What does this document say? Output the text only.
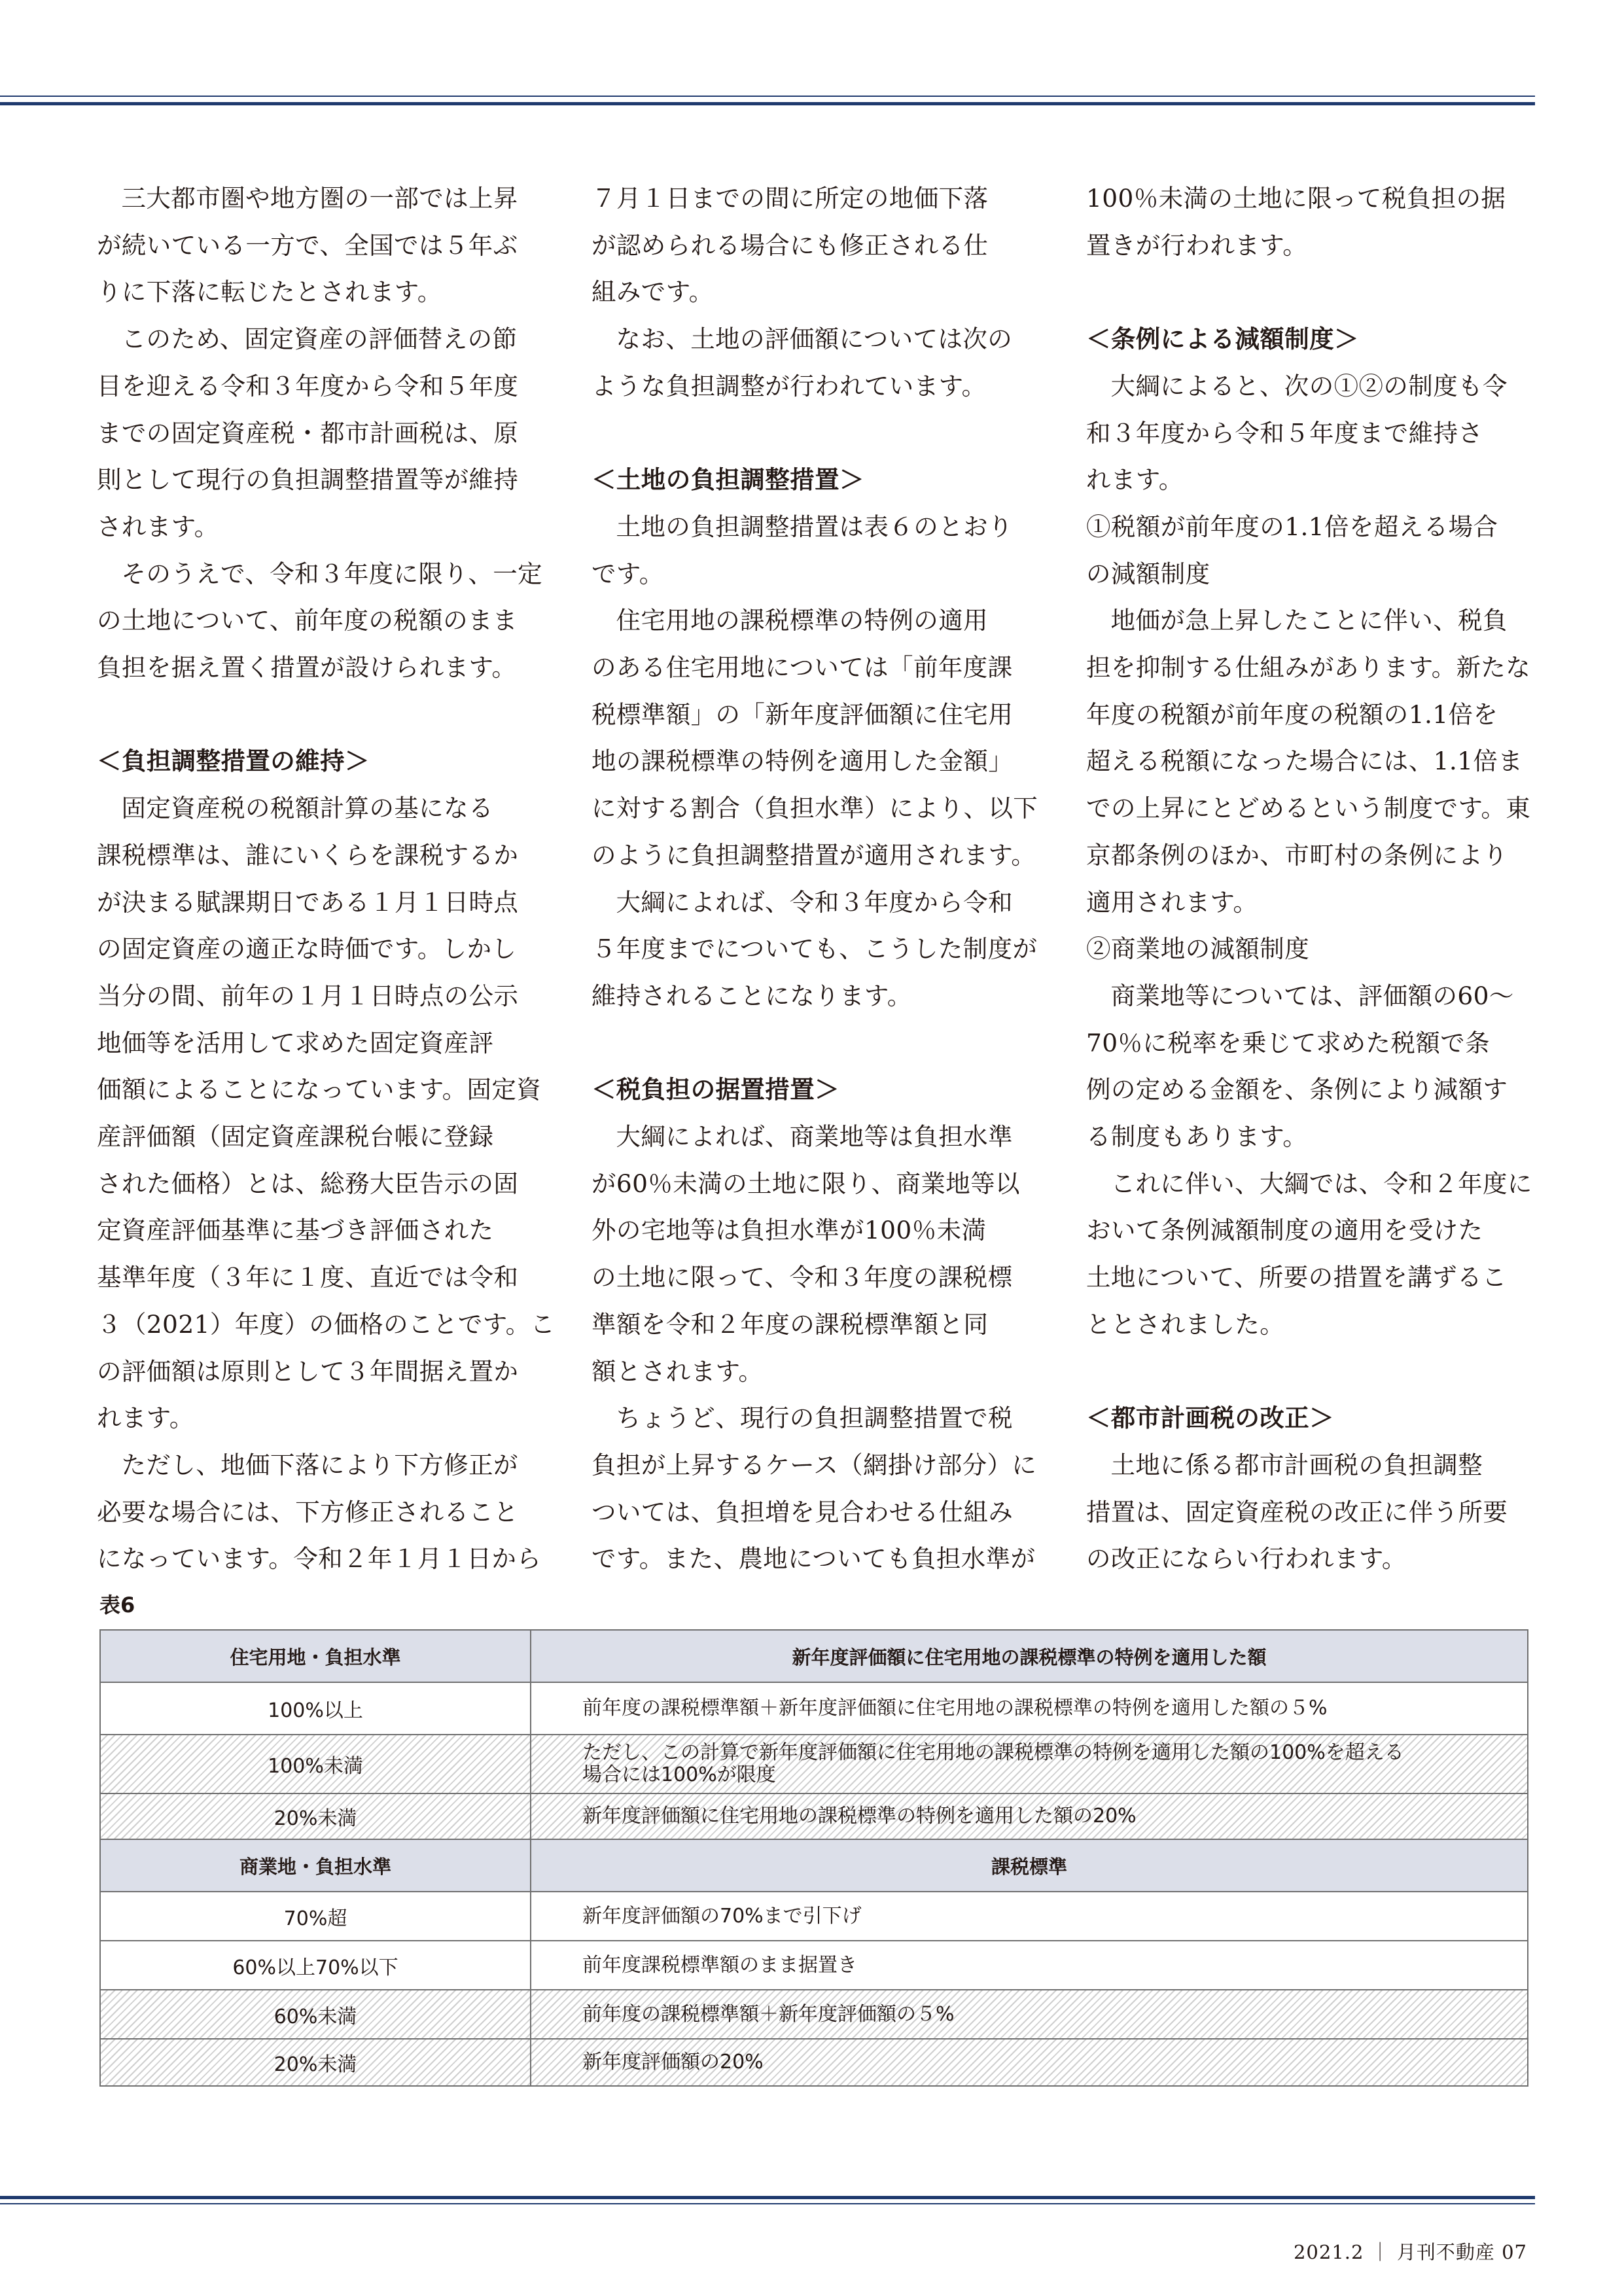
三大都市圏や地方圏の一部では上昇

が続いている一方で、全国では５年ぶ

りに下落に転じたとされます。

このため、固定資産の評価替えの節

目を迎える令和３年度から令和５年度

までの固定資産税・都市計画税は、原

則として現行の負担調整措置等が維持

されます。

そのうえで、令和３年度に限り、一定

の土地について、前年度の税額のまま

負担を据え置く措置が設けられます。

＜負担調整措置の維持＞

固定資産税の税額計算の基になる

課税標準は、誰にいくらを課税するか

が決まる賦課期日である１月１日時点

の固定資産の適正な時価です。しかし

当分の間、前年の１月１日時点の公示

地価等を活用して求めた固定資産評

価額によることになっています。固定資

産評価額（固定資産課税台帳に登録

された価格）とは、総務大臣告示の固

定資産評価基準に基づき評価された

基準年度（３年に１度、直近では令和

３（2021）年度）の価格のことです。こ

の評価額は原則として３年間据え置か

れます。

ただし、地価下落により下方修正が

必要な場合には、下方修正されること

になっています。令和２年１月１日から

７月１日までの間に所定の地価下落

が認められる場合にも修正される仕

組みです。

なお、土地の評価額については次の

ような負担調整が行われています。

＜土地の負担調整措置＞

土地の負担調整措置は表６のとおり

です。

住宅用地の課税標準の特例の適用

のある住宅用地については「前年度課

税標準額」の「新年度評価額に住宅用

地の課税標準の特例を適用した金額」

に対する割合（負担水準）により、以下

のように負担調整措置が適用されます。

大綱によれば、令和３年度から令和

５年度までについても、こうした制度が

維持されることになります。

＜税負担の据置措置＞

大綱によれば、商業地等は負担水準

が60％未満の土地に限り、商業地等以

外の宅地等は負担水準が100％未満

の土地に限って、令和３年度の課税標

準額を令和２年度の課税標準額と同

額とされます。

ちょうど、現行の負担調整措置で税

負担が上昇するケース（網掛け部分）に

ついては、負担増を見合わせる仕組み

です。また、農地についても負担水準が

100％未満の土地に限って税負担の据

置きが行われます。

＜条例による減額制度＞

大綱によると、次の①②の制度も令

和３年度から令和５年度まで維持さ

れます。

①税額が前年度の1.1倍を超える場合

の減額制度

地価が急上昇したことに伴い、税負

担を抑制する仕組みがあります。新たな

年度の税額が前年度の税額の1.1倍を

超える税額になった場合には、1.1倍ま

での上昇にとどめるという制度です。東

京都条例のほか、市町村の条例により

適用されます。

②商業地の減額制度

商業地等については、評価額の60～

70％に税率を乗じて求めた税額で条

例の定める金額を、条例により減額す

る制度もあります。

これに伴い、大綱では、令和２年度に

おいて条例減額制度の適用を受けた

土地について、所要の措置を講ずるこ

ととされました。

＜都市計画税の改正＞

土地に係る都市計画税の負担調整

措置は、固定資産税の改正に伴う所要

の改正にならい行われます。

表6

住宅用地・負担水準	新年度評価額に住宅用地の課税標準の特例を適用した額
100%以上	前年度の課税標準額＋新年度評価額に住宅用地の課税標準の特例を適用した額の５%

100%未満	ただし、この計算で新年度評価額に住宅用地の課税標準の特例を適用した額の100%を超える
場合には100%が限度

20%未満	新年度評価額に住宅用地の課税標準の特例を適用した額の20%

商業地・負担水準	課税標準
70%超	新年度評価額の70%まで引下げ

60%以上70%以下	前年度課税標準額のまま据置き

60%未満	前年度の課税標準額＋新年度評価額の５%

20%未満	新年度評価額の20%

2021.2 ｜ 月刊不動産 07
